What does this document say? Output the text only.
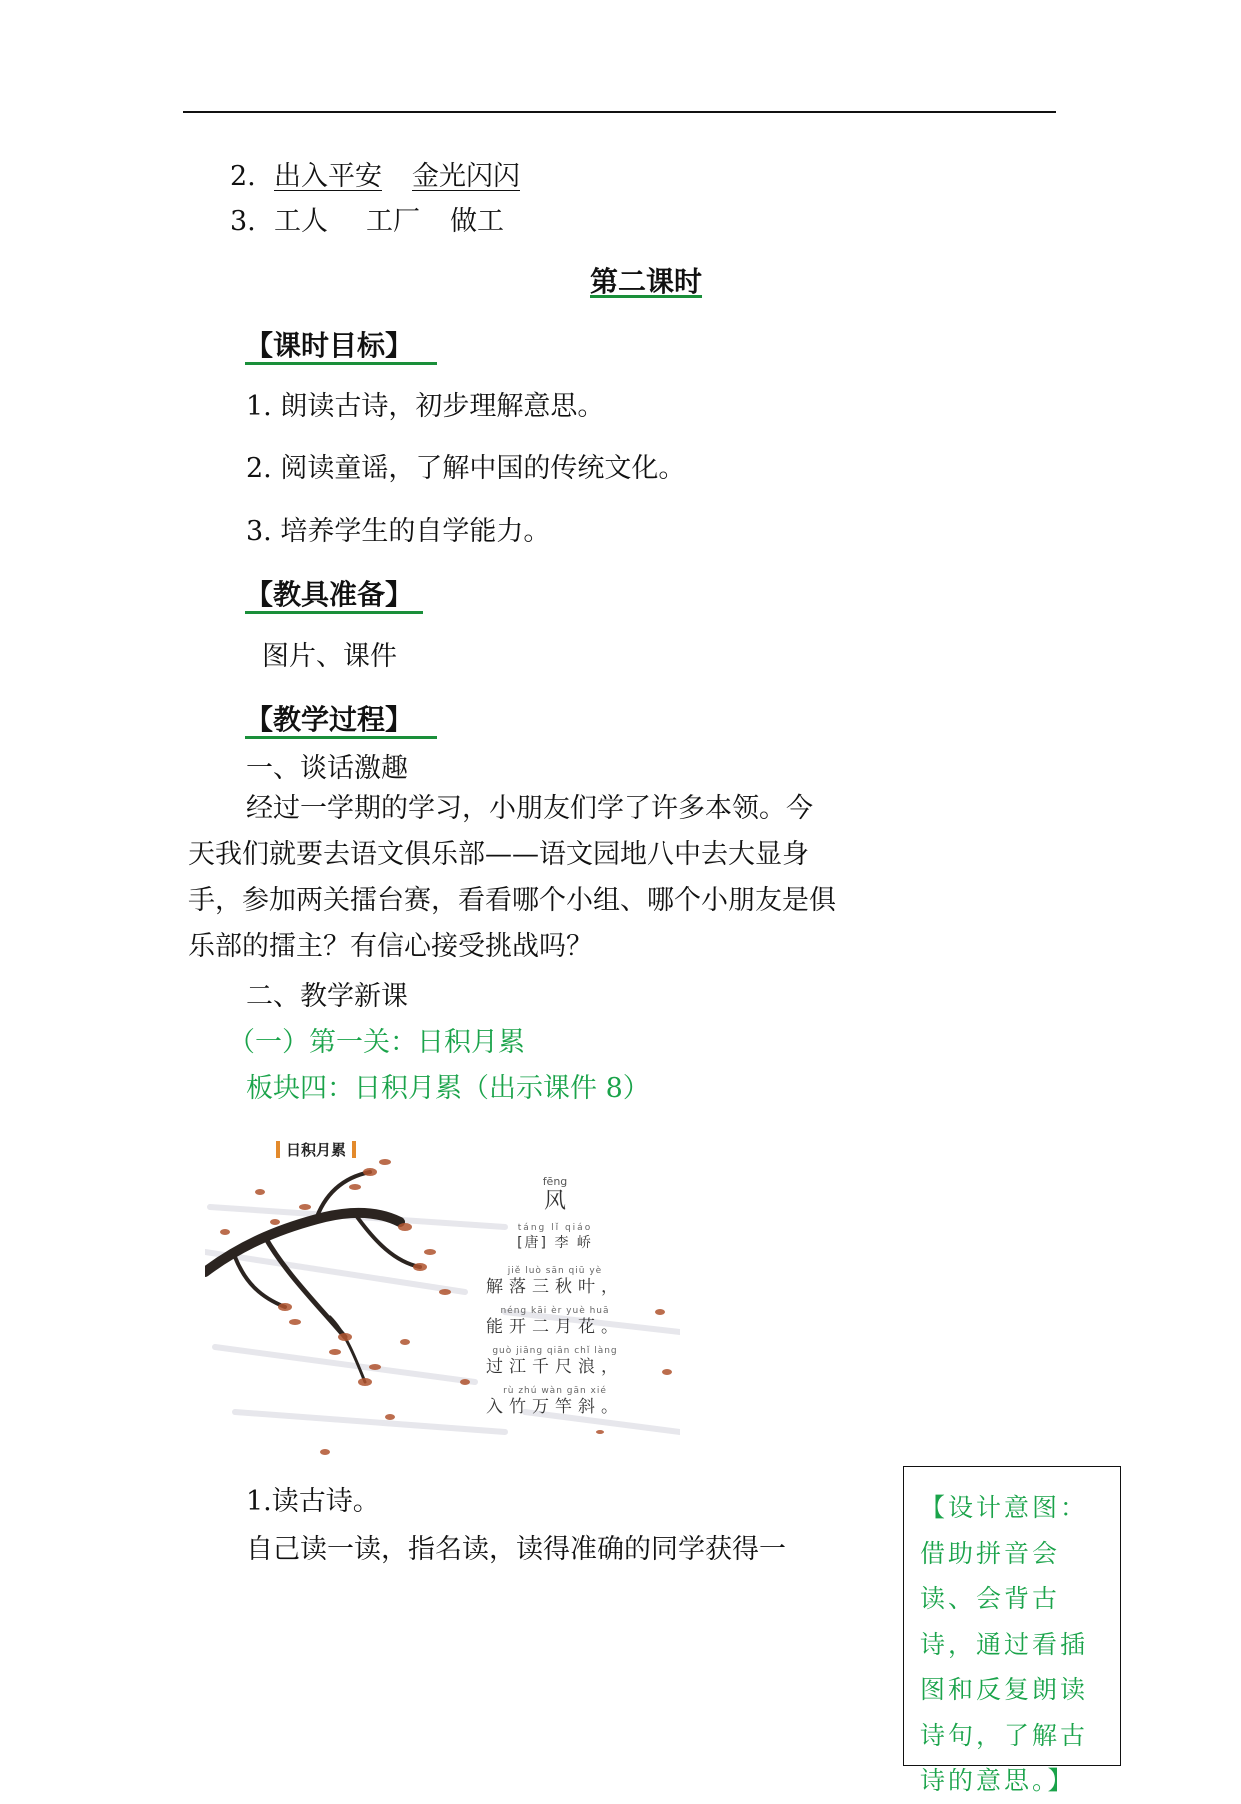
2. 出入平安 金光闪闪
3. 工人 工厂 做工
第二课时
【课时目标】
1. 朗读古诗，初步理解意思。
2. 阅读童谣，了解中国的传统文化。
3. 培养学生的自学能力。
【教具准备】
图片、课件
【教学过程】
一、谈话激趣
经过一学期的学习，小朋友们学了许多本领。今天我们就要去语文俱乐部——语文园地八中去大显身手，参加两关擂台赛，看看哪个小组、哪个小朋友是俱乐部的擂主？有信心接受挑战吗？
二、教学新课
（一）第一关：日积月累
板块四：日积月累（出示课件 8）
日积月累
fēng
风
táng lǐ qiáo
[唐] 李 峤
jiě luò sān qiū yè
解落三秋叶，
néng kāi èr yuè huā
能开二月花。
guò jiāng qiān chǐ làng
过江千尺浪，
rù zhú wàn gān xié
入竹万竿斜。
1.读古诗。
自己读一读，指名读，读得准确的同学获得一
【设计意图：借助拼音会读、会背古诗，通过看插图和反复朗读诗句，了解古诗的意思。】
